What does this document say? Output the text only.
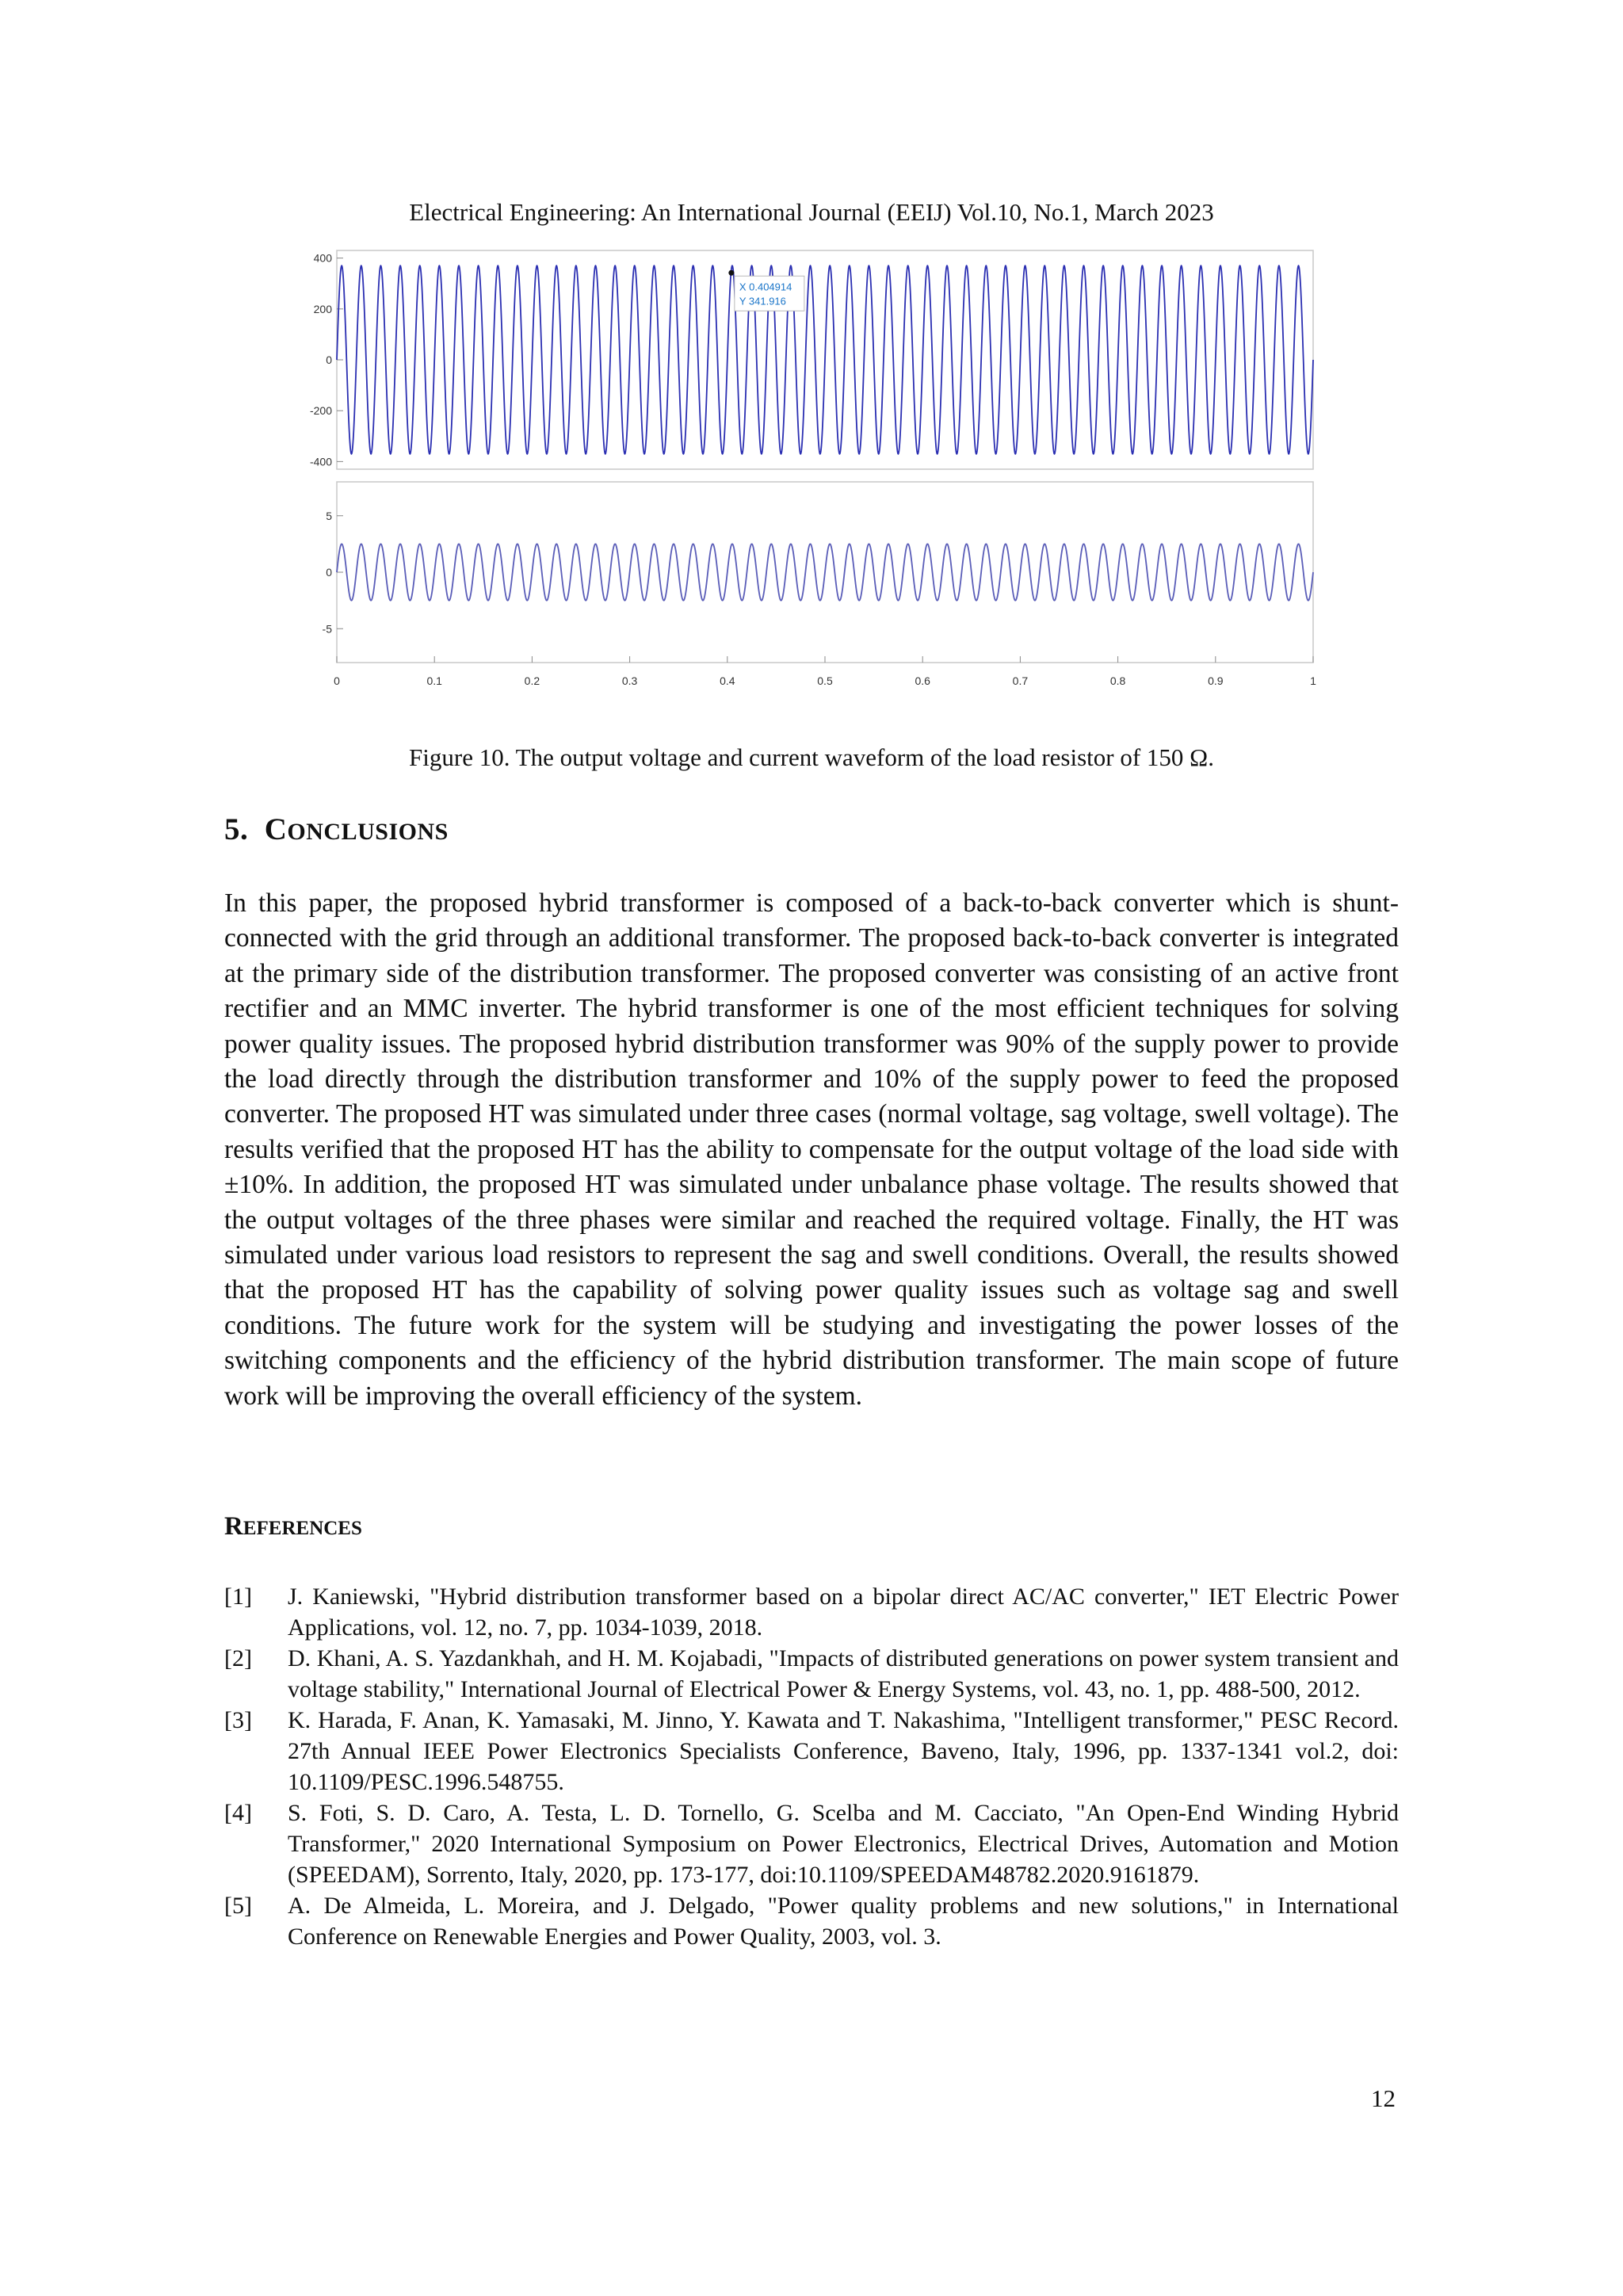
Electrical Engineering: An International Journal (EEIJ) Vol.10, No.1, March 2023
400
200
0
-200
-400
X 0.404914
Y 341.916
5
0
-5
0	0.1	0.2	0.3	0.4	0.5	0.6	0.7	0.8	0.9	1
Figure 10. The output voltage and current waveform of the load resistor of 150 Ω.
5. CONCLUSIONS

In this paper, the proposed hybrid transformer is composed of a back-to-back converter which is shunt-connected with the grid through an additional transformer. The proposed back-to-back converter is integrated at the primary side of the distribution transformer. The proposed converter was consisting of an active front rectifier and an MMC inverter. The hybrid transformer is one of the most efficient techniques for solving power quality issues. The proposed hybrid distribution transformer was 90% of the supply power to provide the load directly through the distribution transformer and 10% of the supply power to feed the proposed converter. The proposed HT was simulated under three cases (normal voltage, sag voltage, swell voltage). The results verified that the proposed HT has the ability to compensate for the output voltage of the load side with ±10%. In addition, the proposed HT was simulated under unbalance phase voltage. The results showed that the output voltages of the three phases were similar and reached the required voltage. Finally, the HT was simulated under various load resistors to represent the sag and swell conditions. Overall, the results showed that the proposed HT has the capability of solving power quality issues such as voltage sag and swell conditions. The future work for the system will be studying and investigating the power losses of the switching components and the efficiency of the hybrid distribution transformer. The main scope of future work will be improving the overall efficiency of the system.

REFERENCES
[1]	J. Kaniewski, "Hybrid distribution transformer based on a bipolar direct AC/AC converter," IET Electric Power Applications, vol. 12, no. 7, pp. 1034-1039, 2018.
[2]	D. Khani, A. S. Yazdankhah, and H. M. Kojabadi, "Impacts of distributed generations on power system transient and voltage stability," International Journal of Electrical Power & Energy Systems, vol. 43, no. 1, pp. 488-500, 2012.
[3]	K. Harada, F. Anan, K. Yamasaki, M. Jinno, Y. Kawata and T. Nakashima, "Intelligent transformer," PESC Record. 27th Annual IEEE Power Electronics Specialists Conference, Baveno, Italy, 1996, pp. 1337-1341 vol.2, doi: 10.1109/PESC.1996.548755.
[4]	S. Foti, S. D. Caro, A. Testa, L. D. Tornello, G. Scelba and M. Cacciato, "An Open-End Winding Hybrid Transformer," 2020 International Symposium on Power Electronics, Electrical Drives, Automation and Motion (SPEEDAM), Sorrento, Italy, 2020, pp. 173-177, doi:10.1109/SPEEDAM48782.2020.9161879.
[5]	A. De Almeida, L. Moreira, and J. Delgado, "Power quality problems and new solutions," in International Conference on Renewable Energies and Power Quality, 2003, vol. 3.
12
